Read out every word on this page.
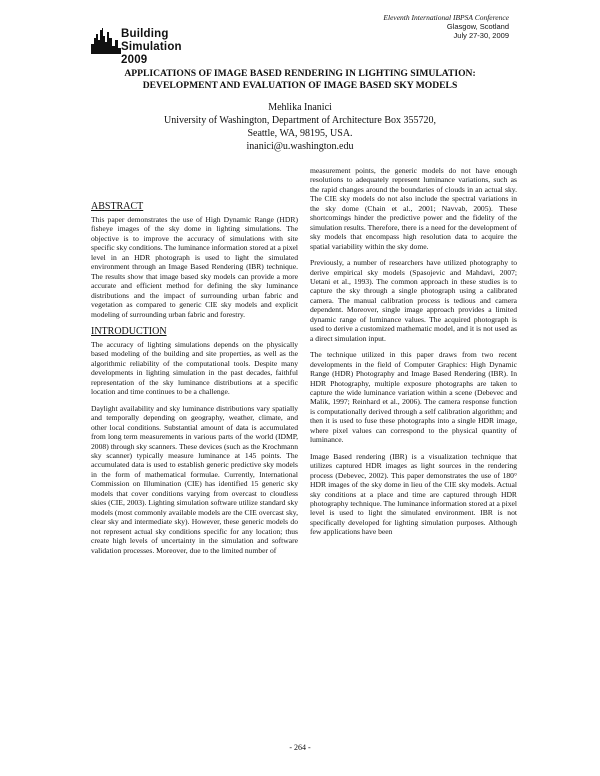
Building Simulation
2009
Eleventh International IBPSA Conference
Glasgow, Scotland
July 27-30, 2009
APPLICATIONS OF IMAGE BASED RENDERING IN LIGHTING SIMULATION:
DEVELOPMENT AND EVALUATION OF IMAGE BASED SKY MODELS
Mehlika Inanici
University of Washington, Department of Architecture Box 355720,
Seattle, WA, 98195, USA.
inanici@u.washington.edu
ABSTRACT

This paper demonstrates the use of High Dynamic Range (HDR) fisheye images of the sky dome in lighting simulations. The objective is to improve the accuracy of simulations with site specific sky conditions. The luminance information stored at a pixel level in an HDR photograph is used to light the simulated environment through an Image Based Rendering (IBR) technique. The results show that image based sky models can provide a more accurate and efficient method for defining the sky luminance distributions and the impact of surrounding urban fabric and vegetation as compared to generic CIE sky models and explicit modeling of surrounding urban fabric and forestry.

INTRODUCTION

The accuracy of lighting simulations depends on the physically based modeling of the building and site properties, as well as the algorithmic reliability of the computational tools. Despite many developments in lighting simulation in the past decades, faithful representation of the sky luminance distributions at a specific location and time continues to be a challenge.

Daylight availability and sky luminance distributions vary spatially and temporally depending on geography, weather, climate, and other local conditions. Substantial amount of data is accumulated from long term measurements in various parts of the world (IDMP, 2008) through sky scanners. These devices (such as the Krochmann sky scanner) typically measure luminance at 145 points. The accumulated data is used to establish generic predictive sky models in the form of mathematical formulae. Currently, International Commission on Illumination (CIE) has identified 15 generic sky models that cover conditions varying from overcast to cloudless skies (CIE, 2003). Lighting simulation software utilize standard sky models (most commonly available models are the CIE overcast sky, clear sky and intermediate sky). However, these generic models do not represent actual sky conditions specific for any location; thus create high levels of uncertainty in the simulation and software validation processes. Moreover, due to the limited number of

measurement points, the generic models do not have enough resolutions to adequately represent luminance variations, such as the rapid changes around the boundaries of clouds in an actual sky. The CIE sky models do not also include the spectral variations in the sky dome (Chain et al., 2001; Navvab, 2005). These shortcomings hinder the predictive power and the fidelity of the simulation results. Therefore, there is a need for the development of sky models that encompass high resolution data to acquire the spatial variability within the sky dome.

Previously, a number of researchers have utilized photography to derive empirical sky models (Spasojevic and Mahdavi, 2007; Uetani et al., 1993). The common approach in these studies is to capture the sky through a single photograph using a calibrated camera. The manual calibration process is tedious and camera dependent. Moreover, single image approach provides a limited dynamic range of luminance values. The acquired photograph is used to derive a customized mathematic model, and it is not used as a direct simulation input.

The technique utilized in this paper draws from two recent developments in the field of Computer Graphics: High Dynamic Range (HDR) Photography and Image Based Rendering (IBR). In HDR Photography, multiple exposure photographs are taken to capture the wide luminance variation within a scene (Debevec and Malik, 1997; Reinhard et al., 2006). The camera response function is computationally derived through a self calibration algorithm; and then it is used to fuse these photographs into a single HDR image, where pixel values can correspond to the physical quantity of luminance.

Image Based rendering (IBR) is a visualization technique that utilizes captured HDR images as light sources in the rendering process (Debevec, 2002). This paper demonstrates the use of 180° HDR images of the sky dome in lieu of the CIE sky models. Actual sky conditions at a place and time are captured through HDR photography technique. The luminance information stored at a pixel level is used to light the simulated environment. IBR is not specifically developed for lighting simulation purposes. Although few applications have been

- 264 -
